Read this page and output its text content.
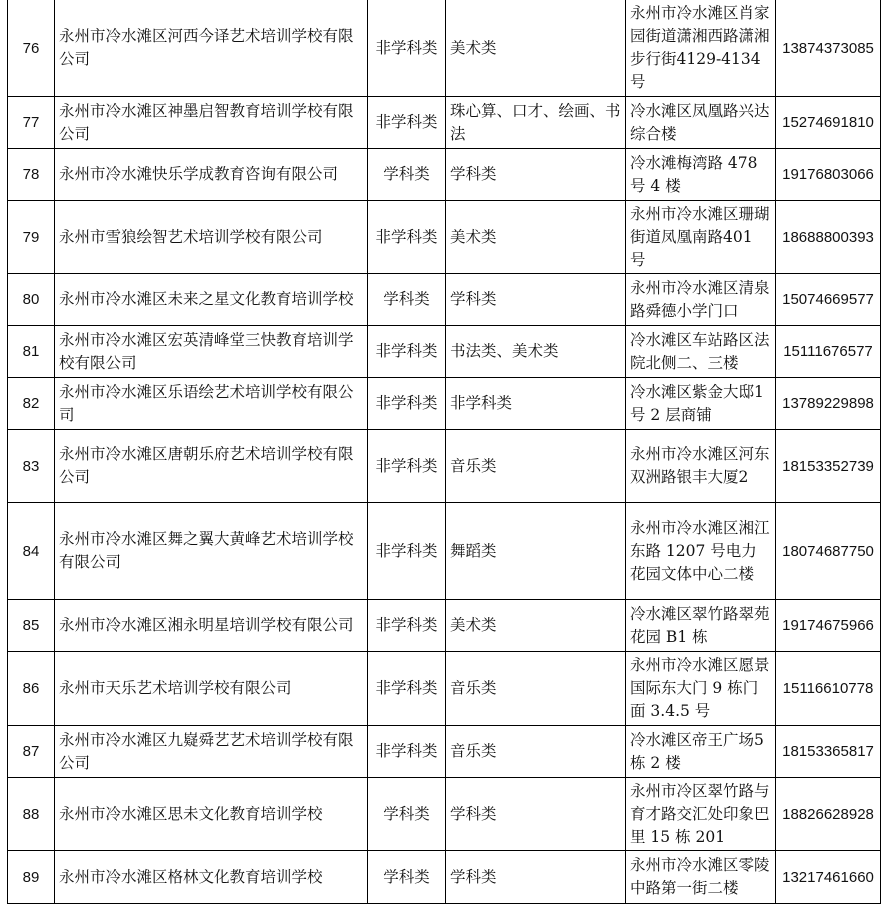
76	永州市冷水滩区河西今译艺术培训学校有限公司	非学科类	美术类	永州市冷水滩区肖家园街道潇湘西路潇湘步行街4129-4134 号	13874373085

77	永州市冷水滩区神墨启智教育培训学校有限公司	非学科类	珠心算、口才、绘画、书法	冷水滩区凤凰路兴达综合楼	15274691810

78	永州市冷水滩快乐学成教育咨询有限公司	学科类	学科类	冷水滩梅湾路 478号 4 楼	19176803066

79	永州市雪狼绘智艺术培训学校有限公司	非学科类	美术类	永州市冷水滩区珊瑚街道凤凰南路401 号	18688800393

80	永州市冷水滩区未来之星文化教育培训学校	学科类	学科类	永州市冷水滩区清泉路舜德小学门口	15074669577

81	永州市冷水滩区宏英清峰堂三快教育培训学校有限公司	非学科类	书法类、美术类	冷水滩区车站路区法院北侧二、三楼	15111676577

82	永州市冷水滩区乐语绘艺术培训学校有限公司	非学科类	非学科类	冷水滩区紫金大邸1 号 2 层商铺	13789229898

83	永州市冷水滩区唐朝乐府艺术培训学校有限公司	非学科类	音乐类	永州市冷水滩区河东双洲路银丰大厦2	18153352739

84	永州市冷水滩区舞之翼大黄峰艺术培训学校有限公司	非学科类	舞蹈类	永州市冷水滩区湘江东路 1207 号电力花园文体中心二楼	18074687750

85	永州市冷水滩区湘永明星培训学校有限公司	非学科类	美术类	冷水滩区翠竹路翠苑花园 B1 栋	19174675966

86	永州市天乐艺术培训学校有限公司	非学科类	音乐类	永州市冷水滩区愿景国际东大门 9 栋门面 3.4.5 号	15116610778

87	永州市冷水滩区九嶷舜艺艺术培训学校有限公司	非学科类	音乐类	冷水滩区帝王广场5 栋 2 楼	18153365817

88	永州市冷水滩区思未文化教育培训学校	学科类	学科类	永州市冷区翠竹路与育才路交汇处印象巴里 15 栋 201	18826628928

89	永州市冷水滩区格林文化教育培训学校	学科类	学科类	永州市冷水滩区零陵中路第一街二楼	13217461660
